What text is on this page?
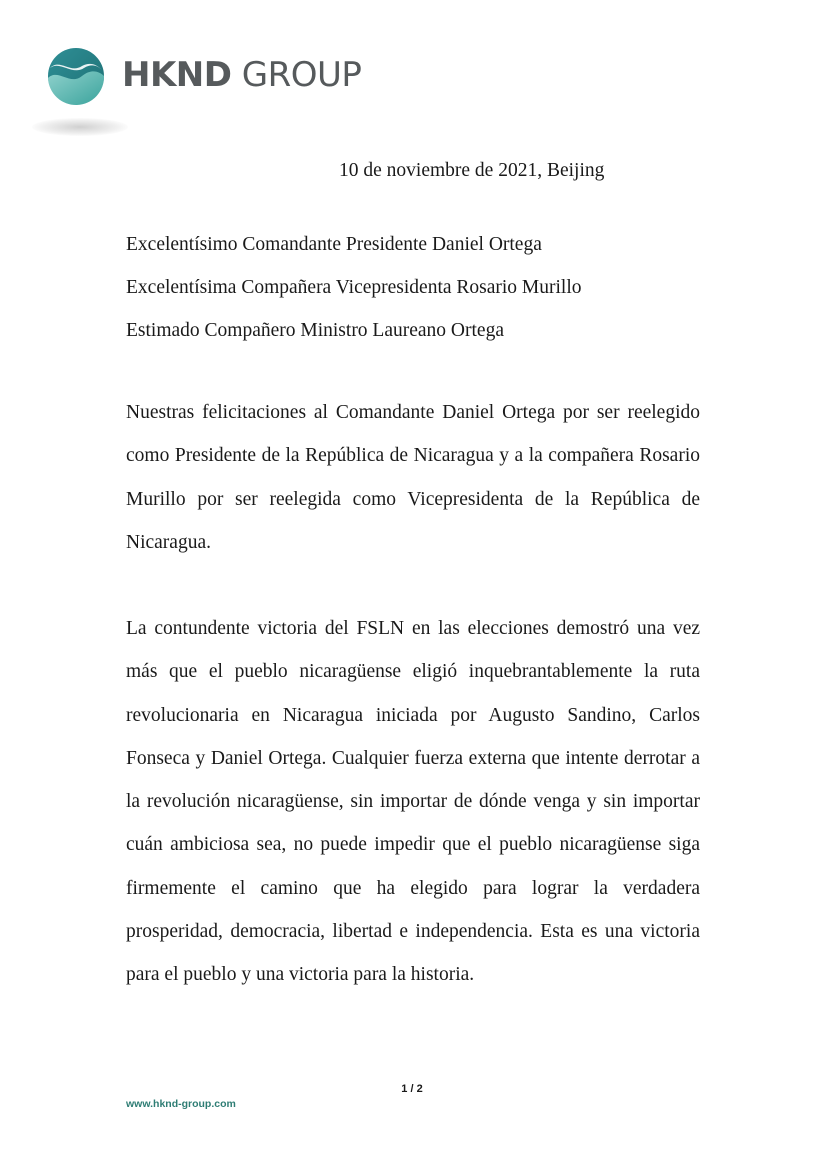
HKND GROUP
10 de noviembre de 2021, Beijing
Excelentísimo Comandante Presidente Daniel Ortega
Excelentísima Compañera Vicepresidenta Rosario Murillo
Estimado Compañero Ministro Laureano Ortega

Nuestras felicitaciones al Comandante Daniel Ortega por ser reelegido como Presidente de la República de Nicaragua y a la compañera Rosario Murillo por ser reelegida como Vicepresidenta de la República de Nicaragua.

La contundente victoria del FSLN en las elecciones demostró una vez más que el pueblo nicaragüense eligió inquebrantablemente la ruta revolucionaria en Nicaragua iniciada por Augusto Sandino, Carlos Fonseca y Daniel Ortega. Cualquier fuerza externa que intente derrotar a la revolución nicaragüense, sin importar de dónde venga y sin importar cuán ambiciosa sea, no puede impedir que el pueblo nicaragüense siga firmemente el camino que ha elegido para lograr la verdadera prosperidad, democracia, libertad e independencia. Esta es una victoria para el pueblo y una victoria para la historia.

1 / 2
www.hknd-group.com
